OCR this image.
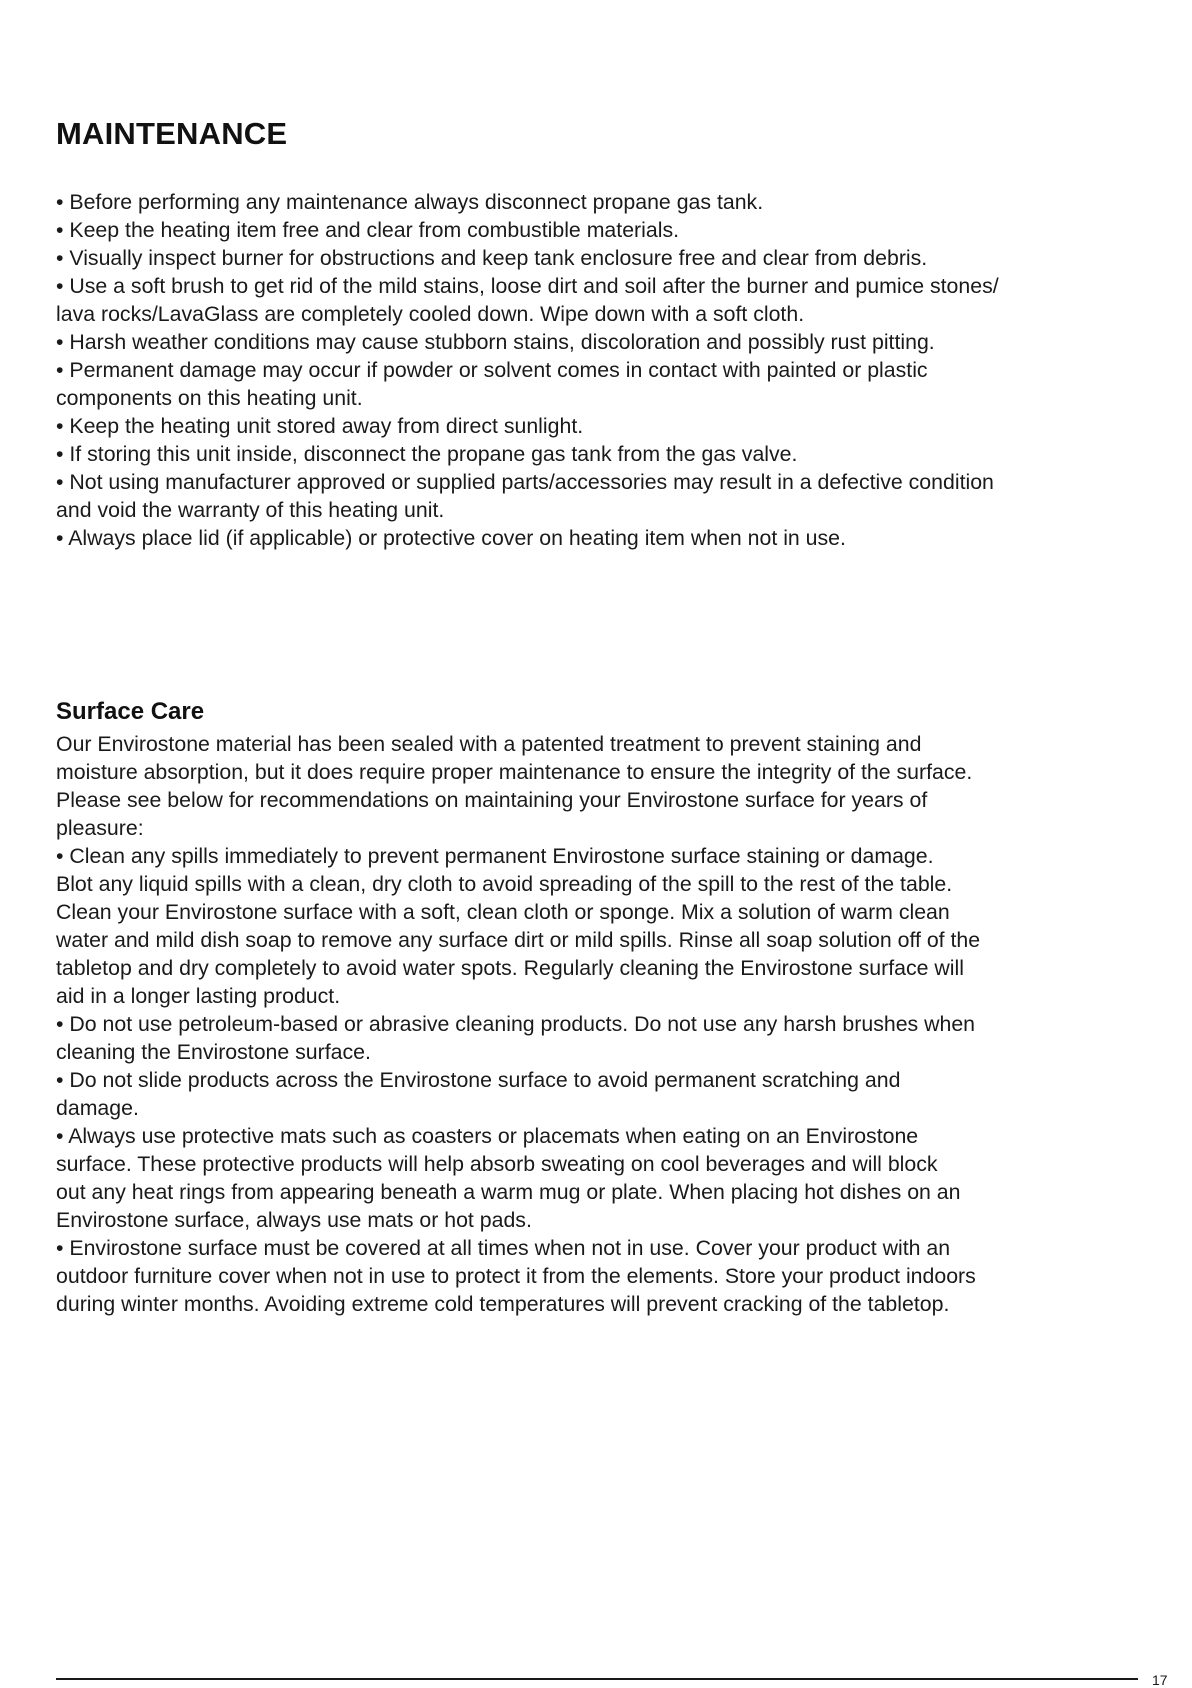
MAINTENANCE

• Before performing any maintenance always disconnect propane gas tank.

• Keep the heating item free and clear from combustible materials.

• Visually inspect burner for obstructions and keep tank enclosure free and clear from debris.

• Use a soft brush to get rid of the mild stains, loose dirt and soil after the burner and pumice stones/

lava rocks/LavaGlass are completely cooled down. Wipe down with a soft cloth.

• Harsh weather conditions may cause stubborn stains, discoloration and possibly rust pitting.

• Permanent damage may occur if powder or solvent comes in contact with painted or plastic

components on this heating unit.

• Keep the heating unit stored away from direct sunlight.

• If storing this unit inside, disconnect the propane gas tank from the gas valve.

• Not using manufacturer approved or supplied parts/accessories may result in a defective condition

and void the warranty of this heating unit.

• Always place lid (if applicable) or protective cover on heating item when not in use.

Surface Care

Our Envirostone material has been sealed with a patented treatment to prevent staining and

moisture absorption, but it does require proper maintenance to ensure the integrity of the surface.

Please see below for recommendations on maintaining your Envirostone surface for years of

pleasure:

• Clean any spills immediately to prevent permanent Envirostone surface staining or damage.

Blot any liquid spills with a clean, dry cloth to avoid spreading of the spill to the rest of the table.

Clean your Envirostone surface with a soft, clean cloth or sponge. Mix a solution of warm clean

water and mild dish soap to remove any surface dirt or mild spills. Rinse all soap solution off of the

tabletop and dry completely to avoid water spots. Regularly cleaning the Envirostone surface will

aid in a longer lasting product.

• Do not use petroleum-based or abrasive cleaning products. Do not use any harsh brushes when

cleaning the Envirostone surface.

• Do not slide products across the Envirostone surface to avoid permanent scratching and

damage.

• Always use protective mats such as coasters or placemats when eating on an Envirostone

surface. These protective products will help absorb sweating on cool beverages and will block

out any heat rings from appearing beneath a warm mug or plate. When placing hot dishes on an

Envirostone surface, always use mats or hot pads.

• Envirostone surface must be covered at all times when not in use. Cover your product with an

outdoor furniture cover when not in use to protect it from the elements. Store your product indoors

during winter months. Avoiding extreme cold temperatures will prevent cracking of the tabletop.

17
